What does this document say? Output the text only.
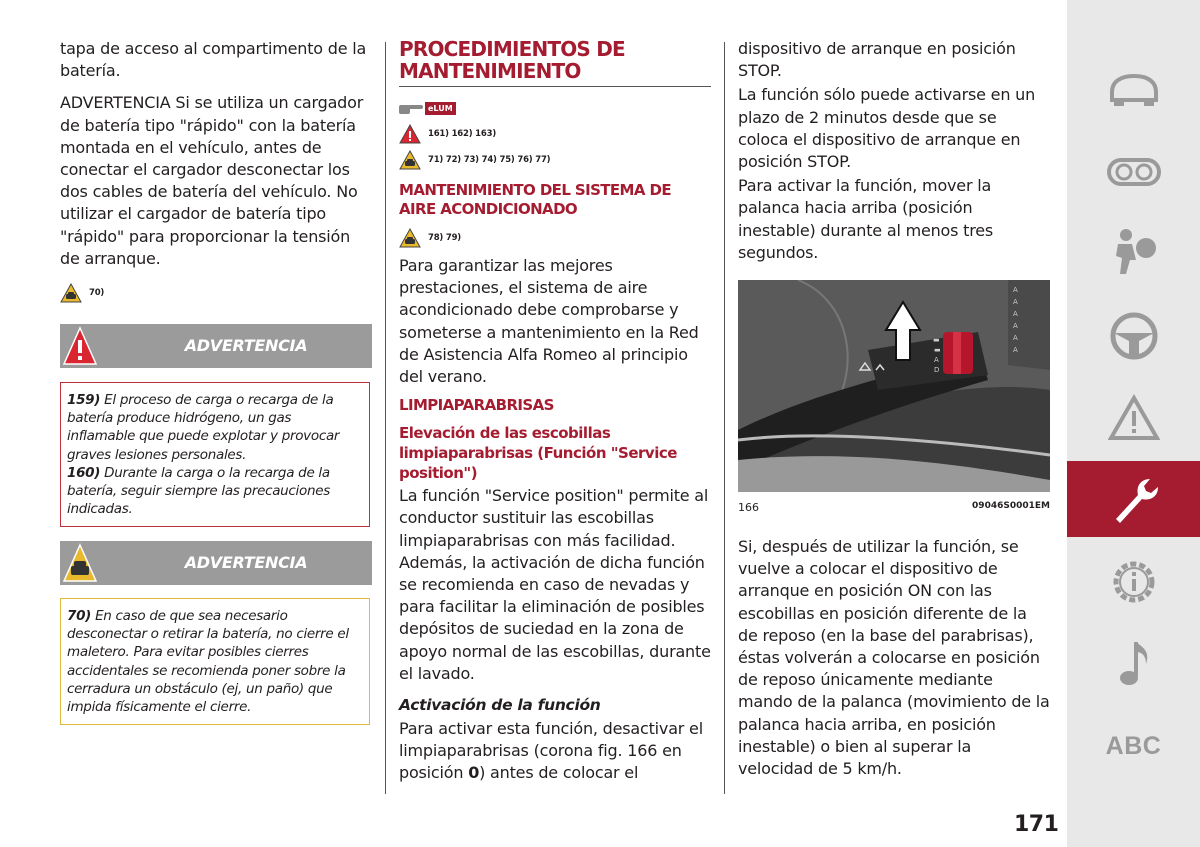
tapa de acceso al compartimento de la batería.

ADVERTENCIA Si se utiliza un cargador de batería tipo "rápido" con la batería montada en el vehículo, antes de conectar el cargador desconectar los dos cables de batería del vehículo. No utilizar el cargador de batería tipo "rápido" para proporcionar la tensión de arranque.

70)
ADVERTENCIA

159) El proceso de carga o recarga de la batería produce hidrógeno, un gas inflamable que puede explotar y provocar graves lesiones personales.

160) Durante la carga o la recarga de la batería, seguir siempre las precauciones indicadas.

ADVERTENCIA

70) En caso de que sea necesario desconectar o retirar la batería, no cierre el maletero. Para evitar posibles cierres accidentales se recomienda poner sobre la cerradura un obstáculo (ej, un paño) que impida físicamente el cierre.

PROCEDIMIENTOS DE MANTENIMIENTO
eLUM
161) 162) 163)
71) 72) 73) 74) 75) 76) 77)
MANTENIMIENTO DEL SISTEMA DE AIRE ACONDICIONADO
78) 79)

Para garantizar las mejores prestaciones, el sistema de aire acondicionado debe comprobarse y someterse a mantenimiento en la Red de Asistencia Alfa Romeo al principio del verano.

LIMPIAPARABRISAS
Elevación de las escobillas limpiaparabrisas (Función "Service position")

La función "Service position" permite al conductor sustituir las escobillas limpiaparabrisas con más facilidad. Además, la activación de dicha función se recomienda en caso de nevadas y para facilitar la eliminación de posibles depósitos de suciedad en la zona de apoyo normal de las escobillas, durante el lavado.

Activación de la función

Para activar esta función, desactivar el limpiaparabrisas (corona fig. 166 en posición 0) antes de colocar el

dispositivo de arranque en posición STOP.

La función sólo puede activarse en un plazo de 2 minutos desde que se coloca el dispositivo de arranque en posición STOP.

Para activar la función, mover la palanca hacia arriba (posición inestable) durante al menos tres segundos.

▬
▬
A
D
A
A
A
A
A
A
166	09046S0001EM

Si, después de utilizar la función, se vuelve a colocar el dispositivo de arranque en posición ON con las escobillas en posición diferente de la de reposo (en la base del parabrisas), éstas volverán a colocarse en posición de reposo únicamente mediante mando de la palanca (movimiento de la palanca hacia arriba, en posición inestable) o bien al superar la velocidad de 5 km/h.

ABC
171
